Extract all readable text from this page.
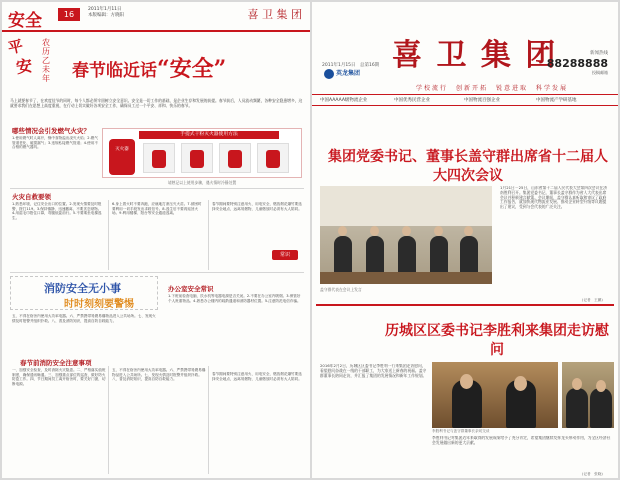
安全	16
2011年1月11日
本版编辑：方晓阳	喜 卫 集 团
平
安
农历乙未年 春节临近话“安全”
马上就要春节了，在欢度佳节的同时，每个人都必须牢固树立安全意识。安全是一切工作的基础，是企业生存和发展的前提。春节前后，人员流动频繁，各种安全隐患增多，这就要求我们在思想上高度重视，在行动上切实做好各项安全工作，确保员工过一个平安、祥和、快乐的春节。
哪些情况会引发燃气火灾？
1.使用燃气时人离开，锅中食物溢出浇灭火焰；2.燃气管道老化、破损漏气；3.违规私接燃气管道；4.使用不合格的燃气器具。
手提式干粉灭火器使用方法
灭火器
请熟记以上使用步骤，遇火情时冷静处置
火灾自救要领
1.熟悉环境，记住安全出口的位置。2.发现火情要及时报警，拨打119。3.保持镇静，迅速撤离，不要贪恋财物。4.用湿毛巾捂住口鼻，弯腰低姿前行。5.不要乘坐电梯逃生。
6.身上着火时不要奔跑，应就地打滚压灭火苗。7.被困时要利用一切手段发出求救信号。8.逃生后不要再返回火场。9.利用楼梯、阳台等安全通道逃离。
春节期间要特别注意用火、用电安全，燃放烟花爆竹要选择安全地点，远离易燃物，儿童燃放时必须有大人陪同。
常识
消防安全无小事
时时刻刻要警惕
办公室安全常识
1.下班前检查电脑、饮水机等电器电源是否关闭。2.不要在办公室内吸烟。3.保管好个人贵重物品。4.熟悉办公楼内的疏散通道和消防器材位置。5.注意防范电信诈骗。
五、不得在宿舍内使用大功率电器。六、严禁携带易燃易爆物品进入公共场所。七、发现火情及时报警并组织扑救。八、普及消防知识，提高自防自救能力。
春节前消防安全注意事项
一、加强安全检查，及时消除火灾隐患。二、严格落实值班制度，确保通讯畅通。三、加强重点部位的巡查，做好防火防盗工作。四、节日期间员工离开宿舍时，要关好门窗，切断电源。
五、不得在宿舍内使用大功率电器。六、严禁携带易燃易爆物品进入公共场所。七、发现火情及时报警并组织扑救。八、普及消防知识，提高自防自救能力。
春节期间要特别注意用火、用电安全，燃放烟花爆竹要选择安全地点，远离易燃物，儿童燃放时必须有大人陪同。
2011年1月15日　总第16期
英龙集团
喜 卫 集 团	新闻热线
88288888
投稿邮箱
学校流行　创新开拓　锐意进取　科学发展
中国AAAAA级物流企业	中国优秀民营企业	中国物流百强企业	中国物流产学研基地
集团党委书记、董事长盖守群出席省十二届人大四次会议
1月21日－25日，山东省第十二届人民代表大会第四次会议在济南胜利召开。集团党委书记、董事长盖守群作为省人大代表出席会议并积极建言献策。会议期间，盖守群认真听取和审议了政府工作报告，就加快现代物流业发展、推动企业转型升级等议题提出了建议，受到与会代表的广泛关注。
盖守群代表在会议上发言
(记者　王鹏)
历城区区委书记李胜利来集团走访慰问
2016年2月2日，历城区区委书记李胜利一行来集团走访慰问，看望慰问奋战在一线的干部职工，为大家送上新春的祝福。盖守群董事长陪同走访，并汇报了集团的发展情况和新年工作规划。
李胜利书记与盖守群董事长亲切交谈
李胜利书记对集团近年来取得的发展成绩给予了充分肯定，希望集团继续发挥龙头带动作用，为全区经济社会发展做出新的更大贡献。
(记者　张晓)
